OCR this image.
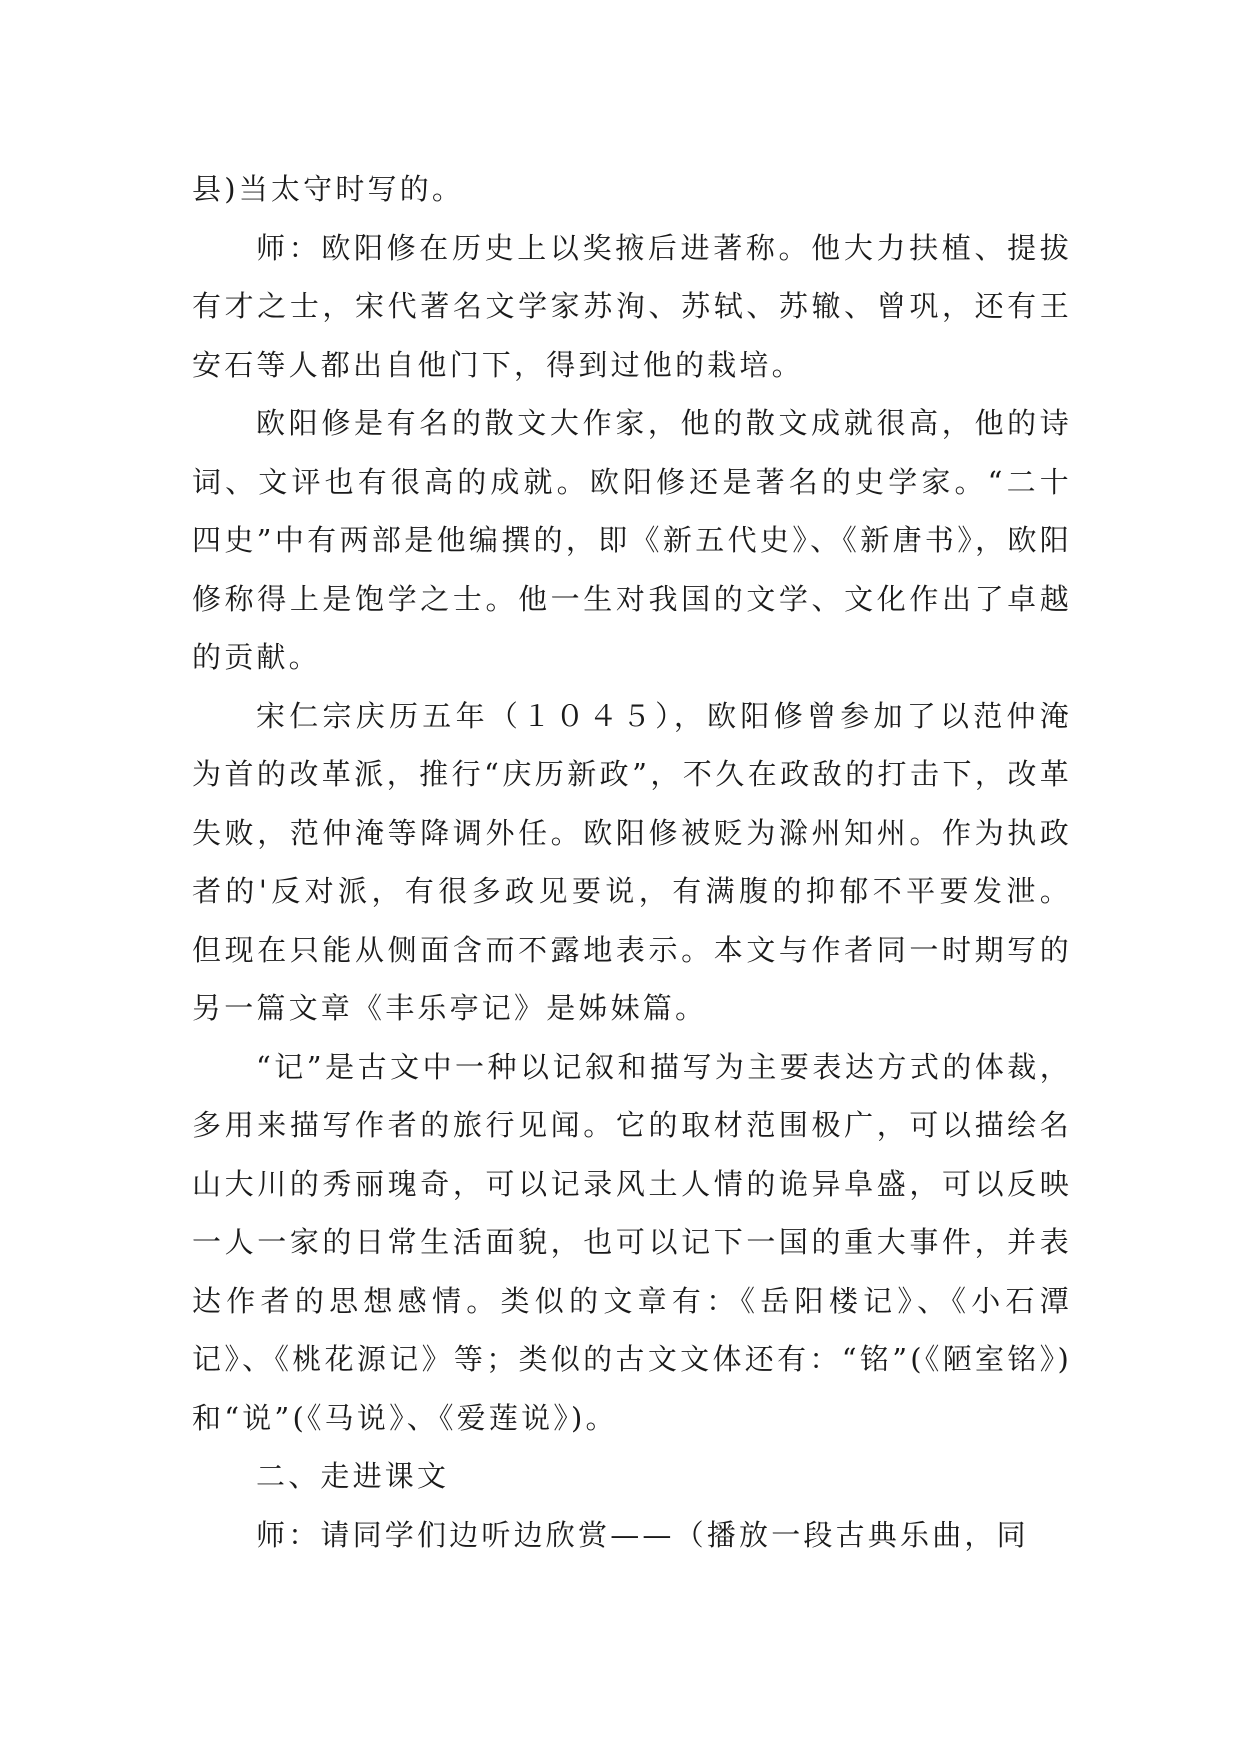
县)当太守时写的。

师：欧阳修在历史上以奖掖后进著称。他大力扶植、提拔有才之士，宋代著名文学家苏洵、苏轼、苏辙、曾巩，还有王安石等人都出自他门下，得到过他的栽培。

欧阳修是有名的散文大作家，他的散文成就很高，他的诗词、文评也有很高的成就。欧阳修还是著名的史学家。“二十四史”中有两部是他编撰的，即《新五代史》、《新唐书》，欧阳修称得上是饱学之士。他一生对我国的文学、文化作出了卓越的贡献。

宋仁宗庆历五年（１０４５），欧阳修曾参加了以范仲淹为首的改革派，推行“庆历新政”，不久在政敌的打击下，改革失败，范仲淹等降调外任。欧阳修被贬为滁州知州。作为执政者的'反对派，有很多政见要说，有满腹的抑郁不平要发泄。但现在只能从侧面含而不露地表示。本文与作者同一时期写的另一篇文章《丰乐亭记》是姊妹篇。

“记”是古文中一种以记叙和描写为主要表达方式的体裁，多用来描写作者的旅行见闻。它的取材范围极广，可以描绘名山大川的秀丽瑰奇，可以记录风土人情的诡异阜盛，可以反映一人一家的日常生活面貌，也可以记下一国的重大事件，并表达作者的思想感情。类似的文章有：《岳阳楼记》、《小石潭记》、《桃花源记》等；类似的古文文体还有：“铭”(《陋室铭》)和“说”(《马说》、《爱莲说》)。

二、走进课文

师：请同学们边听边欣赏——（播放一段古典乐曲，同
